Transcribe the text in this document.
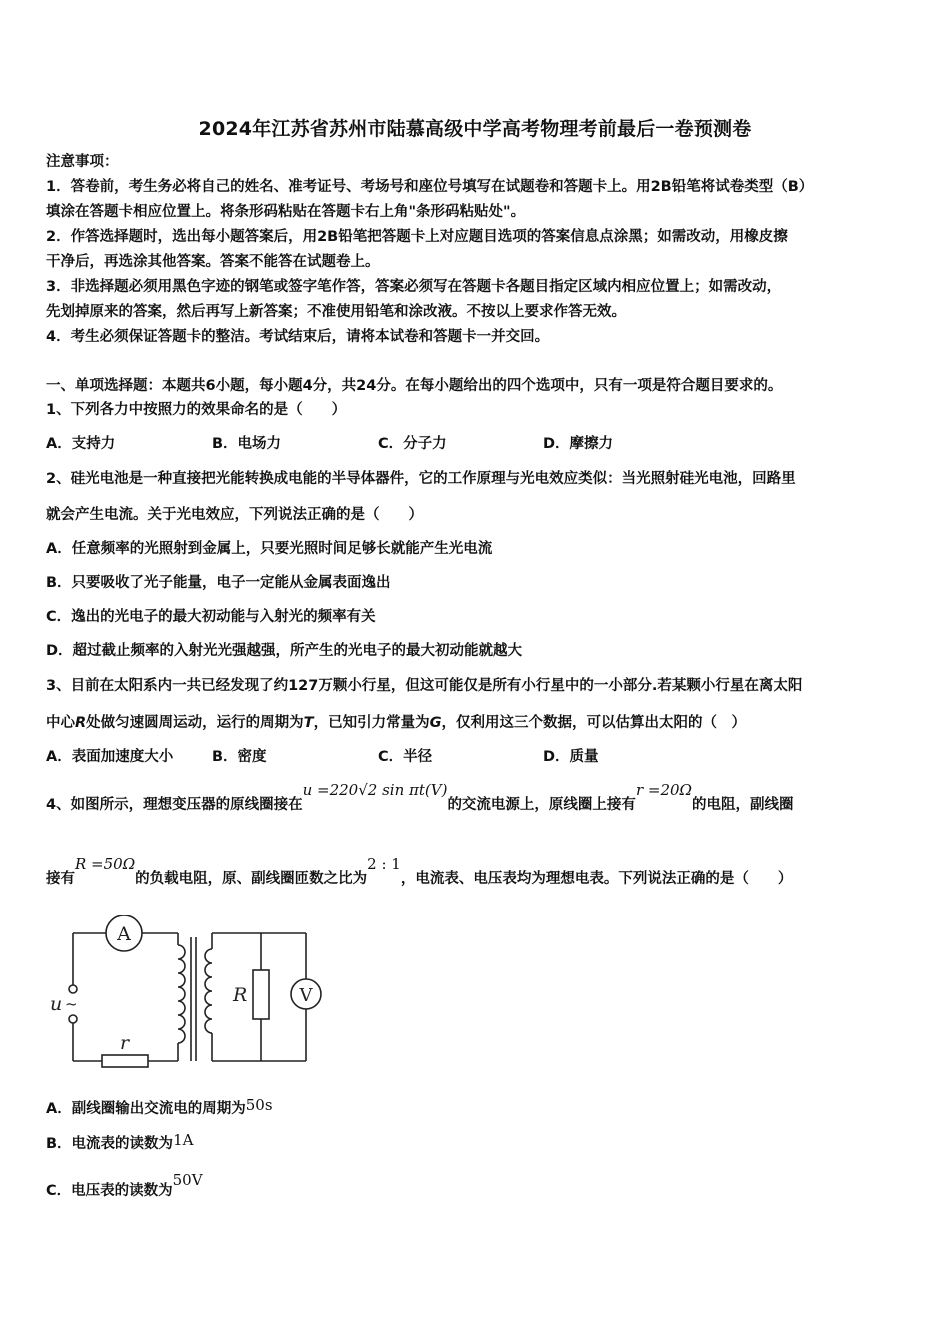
2024年江苏省苏州市陆慕高级中学高考物理考前最后一卷预测卷
注意事项：
1．答卷前，考生务必将自己的姓名、准考证号、考场号和座位号填写在试题卷和答题卡上。用2B铅笔将试卷类型（B）
填涂在答题卡相应位置上。将条形码粘贴在答题卡右上角"条形码粘贴处"。
2．作答选择题时，选出每小题答案后，用2B铅笔把答题卡上对应题目选项的答案信息点涂黑；如需改动，用橡皮擦
干净后，再选涂其他答案。答案不能答在试题卷上。
3．非选择题必须用黑色字迹的钢笔或签字笔作答，答案必须写在答题卡各题目指定区域内相应位置上；如需改动，
先划掉原来的答案，然后再写上新答案；不准使用铅笔和涂改液。不按以上要求作答无效。
4．考生必须保证答题卡的整洁。考试结束后，请将本试卷和答题卡一并交回。
一、单项选择题：本题共6小题，每小题4分，共24分。在每小题给出的四个选项中，只有一项是符合题目要求的。
1、下列各力中按照力的效果命名的是（　　）
A．支持力	B．电场力	C．分子力	D．摩擦力
2、硅光电池是一种直接把光能转换成电能的半导体器件，它的工作原理与光电效应类似：当光照射硅光电池，回路里
就会产生电流。关于光电效应，下列说法正确的是（　　）
A．任意频率的光照射到金属上，只要光照时间足够长就能产生光电流
B．只要吸收了光子能量，电子一定能从金属表面逸出
C．逸出的光电子的最大初动能与入射光的频率有关
D．超过截止频率的入射光光强越强，所产生的光电子的最大初动能就越大
3、目前在太阳系内一共已经发现了约127万颗小行星，但这可能仅是所有小行星中的一小部分.若某颗小行星在离太阳
中心R处做匀速圆周运动，运行的周期为T，已知引力常量为G，仅利用这三个数据，可以估算出太阳的（　）
A．表面加速度大小	B．密度	C．半径	D．质量
4、如图所示，理想变压器的原线圈接在u =220√2 sin πt(V)的交流电源上，原线圈上接有r =20Ω的电阻，副线圈
接有R =50Ω的负载电阻，原、副线圈匝数之比为2 : 1，电流表、电压表均为理想电表。下列说法正确的是（　　）
A
V
u ~	R
r
A．副线圈输出交流电的周期为50s
B．电流表的读数为1A
C．电压表的读数为50V
